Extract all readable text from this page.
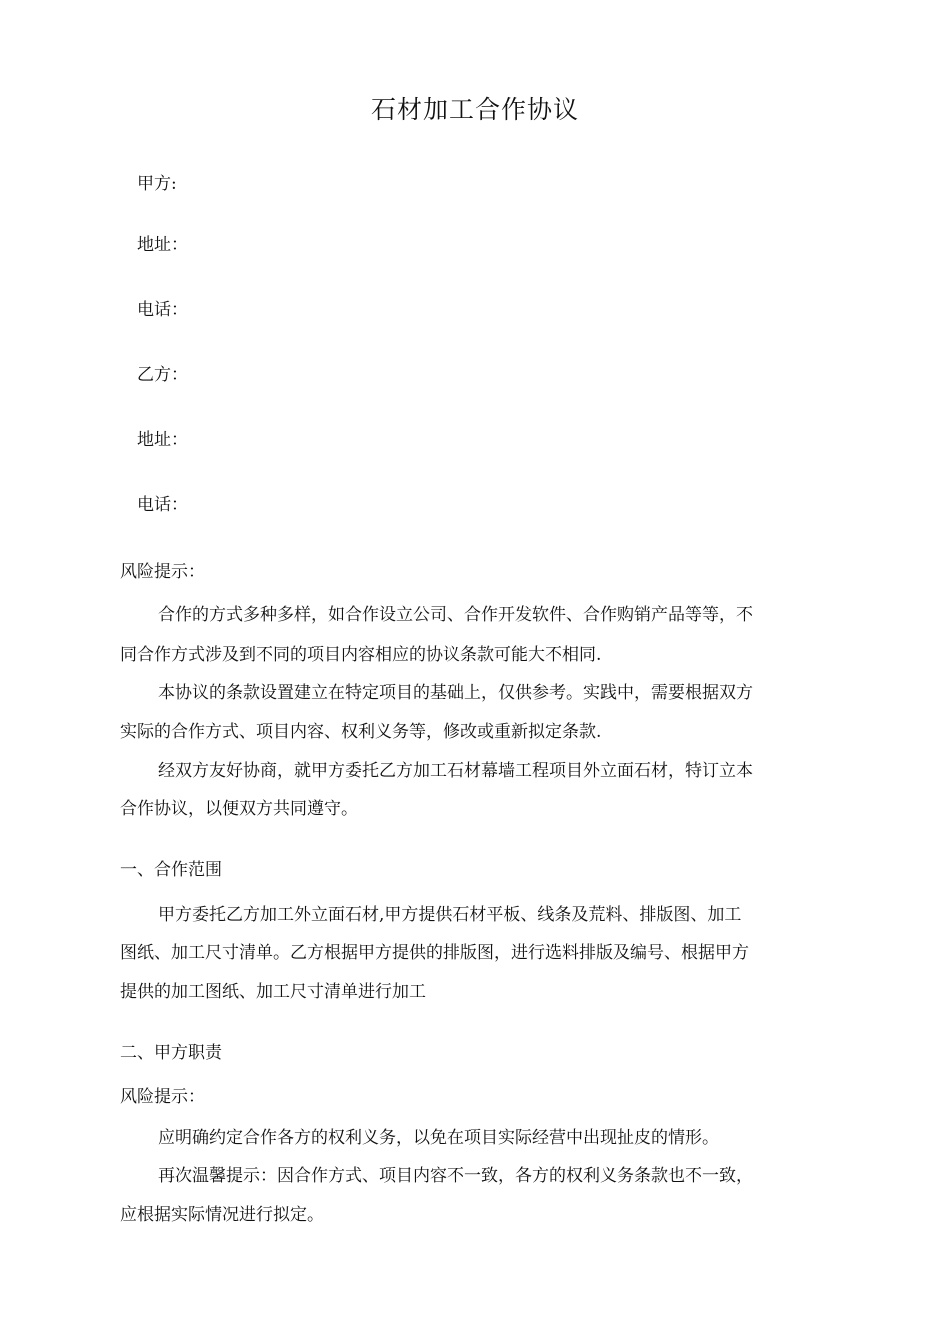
石材加工合作协议
甲方:
地址：
电话：
乙方：
地址：
电话：
风险提示：
合作的方式多种多样，如合作设立公司、合作开发软件、合作购销产品等等，不
同合作方式涉及到不同的项目内容相应的协议条款可能大不相同.
本协议的条款设置建立在特定项目的基础上，仅供参考。实践中，需要根据双方
实际的合作方式、项目内容、权利义务等，修改或重新拟定条款.
经双方友好协商，就甲方委托乙方加工石材幕墙工程项目外立面石材，特订立本
合作协议，以便双方共同遵守。
一、合作范围
甲方委托乙方加工外立面石材,甲方提供石材平板、线条及荒料、排版图、加工
图纸、加工尺寸清单。乙方根据甲方提供的排版图，进行选料排版及编号、根据甲方
提供的加工图纸、加工尺寸清单进行加工
二、甲方职责
风险提示：
应明确约定合作各方的权利义务，以免在项目实际经营中出现扯皮的情形。
再次温馨提示：因合作方式、项目内容不一致，各方的权利义务条款也不一致，
应根据实际情况进行拟定。
